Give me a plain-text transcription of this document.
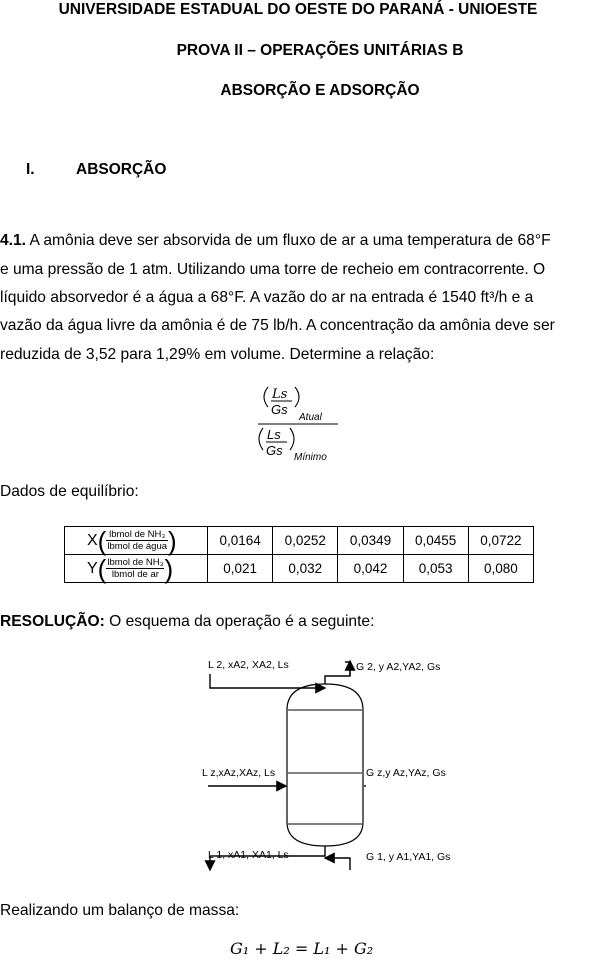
UNIVERSIDADE ESTADUAL DO OESTE DO PARANÁ - UNIOESTE
PROVA II – OPERAÇÕES UNITÁRIAS B
ABSORÇÃO E ADSORÇÃO
I.	ABSORÇÃO
4.1. A amônia deve ser absorvida de um fluxo de ar a uma temperatura de 68°F
e uma pressão de 1 atm. Utilizando uma torre de recheio em contracorrente. O
líquido absorvedor é a água a 68°F. A vazão do ar na entrada é 1540 ft³/h e a
vazão da água livre da amônia é de 75 lb/h. A concentração da amônia deve ser
reduzida de 3,52 para 1,29% em volume. Determine a relação:
Ls
Gs
Atual
Ls
Gs Mínimo
Dados de equilíbrio:
X ( $\frac{\text{lbmol de NH₃}}{\text{lbmol de água}}$ )	0,0164	0,0252	0,0349	0,0455	0,0722

Y ( $\frac{\text{lbmol de NH₃}}{\text{lbmol de ar}}$ )	0,021	0,032	0,042	0,053	0,080
RESOLUÇÃO: O esquema da operação é a seguinte:
L 2, xA2, XA2, Ls	G 2, y A2,YA2, Gs
L z,xAz,XAz, Ls	G z,y Az,YAz, Gs
L 1, xA1, XA1, Ls	G 1, y A1,YA1, Gs
Realizando um balanço de massa:
G₁ + L₂ = L₁ + G₂
